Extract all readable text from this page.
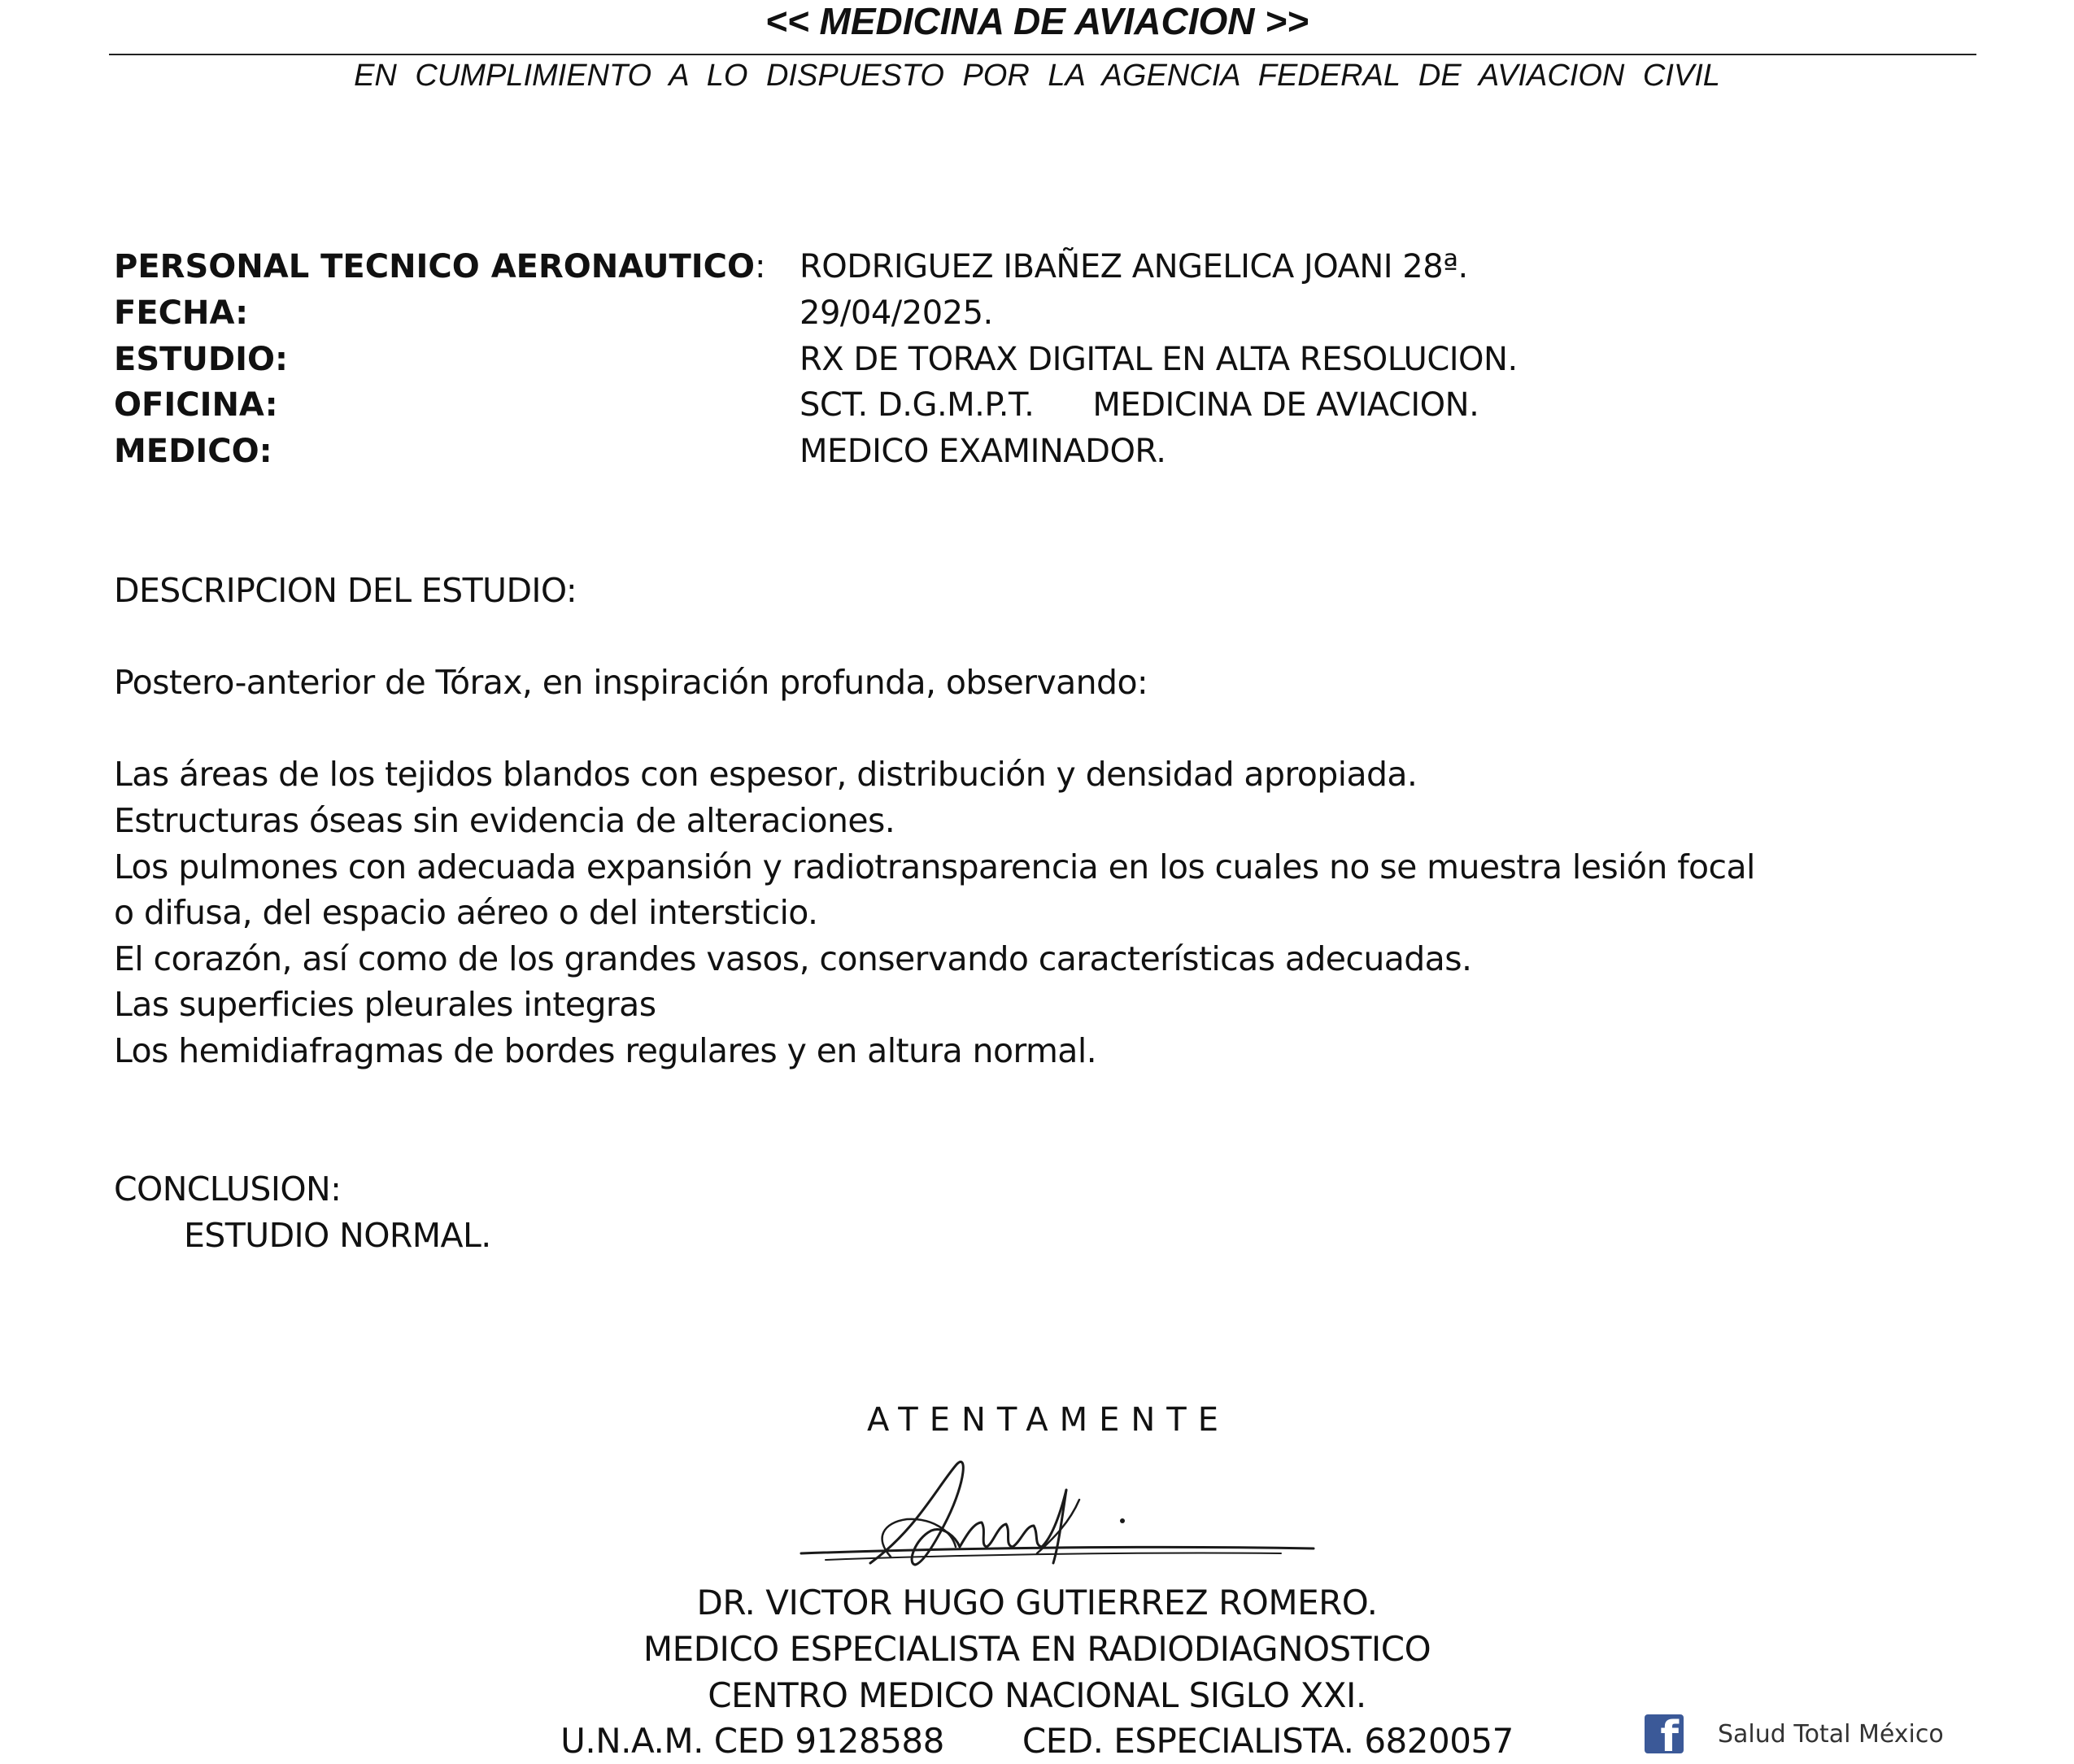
<< MEDICINA DE AVIACION >>
EN CUMPLIMIENTO A LO DISPUESTO POR LA AGENCIA FEDERAL DE AVIACION CIVIL
PERSONAL TECNICO AERONAUTICO: RODRIGUEZ IBAÑEZ ANGELICA JOANI 28ª.
FECHA:	29/04/2025.
ESTUDIO:	RX DE TORAX DIGITAL EN ALTA RESOLUCION.
OFICINA:	SCT. D.G.M.P.T. MEDICINA DE AVIACION.
MEDICO:	MEDICO EXAMINADOR.
DESCRIPCION DEL ESTUDIO:
Postero-anterior de Tórax, en inspiración profunda, observando:
Las áreas de los tejidos blandos con espesor, distribución y densidad apropiada.
Estructuras óseas sin evidencia de alteraciones.
Los pulmones con adecuada expansión y radiotransparencia en los cuales no se muestra lesión focal
o difusa, del espacio aéreo o del intersticio.
El corazón, así como de los grandes vasos, conservando características adecuadas.
Las superficies pleurales integras
Los hemidiafragmas de bordes regulares y en altura normal.
CONCLUSION:
ESTUDIO NORMAL.
ATENTAMENTE
DR. VICTOR HUGO GUTIERREZ ROMERO.
MEDICO ESPECIALISTA EN RADIODIAGNOSTICO
CENTRO MEDICO NACIONAL SIGLO XXI.
U.N.A.M. CED 9128588 CED. ESPECIALISTA. 6820057	f Salud Total México
